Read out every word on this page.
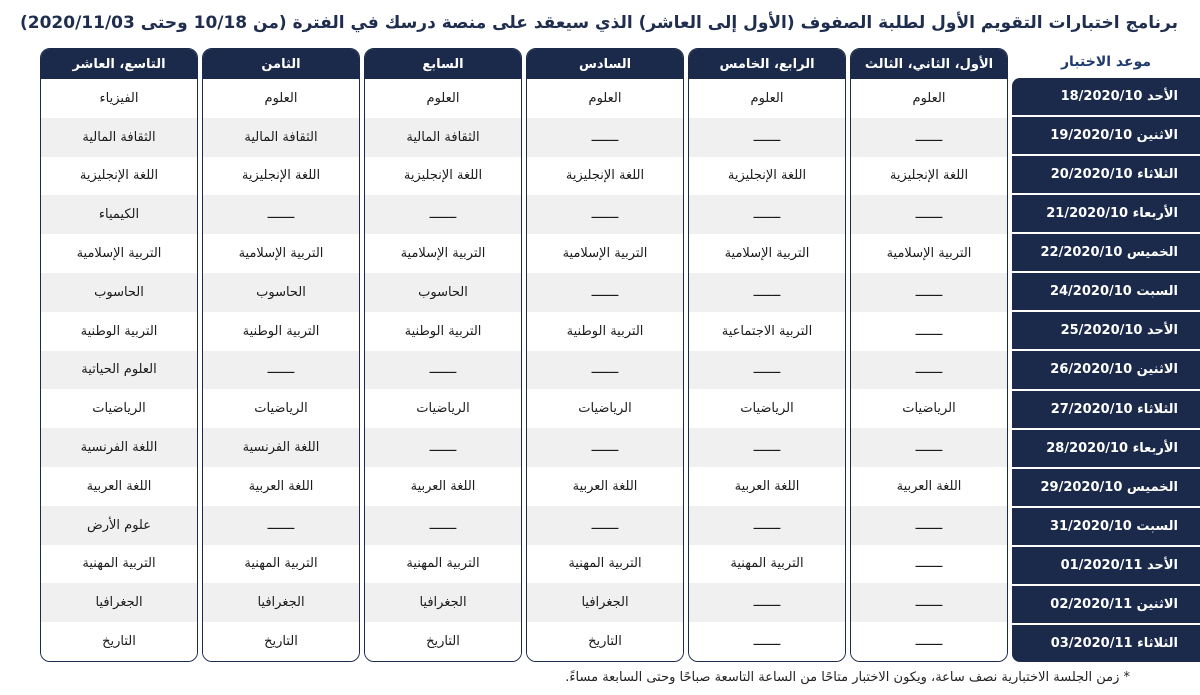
برنامج اختبارات التقويم الأول لطلبة الصفوف (الأول إلى العاشر) الذي سيعقد على منصة درسك في الفترة (من 10/18 وحتى 2020/11/03)
موعد الاختبار
الأحد 18/2020/10
الاثنين 19/2020/10
الثلاثاء 20/2020/10
الأربعاء 21/2020/10
الخميس 22/2020/10
السبت 24/2020/10
الأحد 25/2020/10
الاثنين 26/2020/10
الثلاثاء 27/2020/10
الأربعاء 28/2020/10
الخميس 29/2020/10
السبت 31/2020/10
الأحد 01/2020/11
الاثنين 02/2020/11
الثلاثاء 03/2020/11
الأول، الثاني، الثالث
العلوم
ـــــــ
اللغة الإنجليزية
ـــــــ
التربية الإسلامية
ـــــــ
ـــــــ
ـــــــ
الرياضيات
ـــــــ
اللغة العربية
ـــــــ
ـــــــ
ـــــــ
ـــــــ
الرابع، الخامس
العلوم
ـــــــ
اللغة الإنجليزية
ـــــــ
التربية الإسلامية
ـــــــ
التربية الاجتماعية
ـــــــ
الرياضيات
ـــــــ
اللغة العربية
ـــــــ
التربية المهنية
ـــــــ
ـــــــ
السادس
العلوم
ـــــــ
اللغة الإنجليزية
ـــــــ
التربية الإسلامية
ـــــــ
التربية الوطنية
ـــــــ
الرياضيات
ـــــــ
اللغة العربية
ـــــــ
التربية المهنية
الجغرافيا
التاريخ
السابع
العلوم
الثقافة المالية
اللغة الإنجليزية
ـــــــ
التربية الإسلامية
الحاسوب
التربية الوطنية
ـــــــ
الرياضيات
ـــــــ
اللغة العربية
ـــــــ
التربية المهنية
الجغرافيا
التاريخ
الثامن
العلوم
الثقافة المالية
اللغة الإنجليزية
ـــــــ
التربية الإسلامية
الحاسوب
التربية الوطنية
ـــــــ
الرياضيات
اللغة الفرنسية
اللغة العربية
ـــــــ
التربية المهنية
الجغرافيا
التاريخ
التاسع، العاشر
الفيزياء
الثقافة المالية
اللغة الإنجليزية
الكيمياء
التربية الإسلامية
الحاسوب
التربية الوطنية
العلوم الحياتية
الرياضيات
اللغة الفرنسية
اللغة العربية
علوم الأرض
التربية المهنية
الجغرافيا
التاريخ
* زمن الجلسة الاختبارية نصف ساعة، ويكون الاختبار متاحًا من الساعة التاسعة صباحًا وحتى السابعة مساءً.
